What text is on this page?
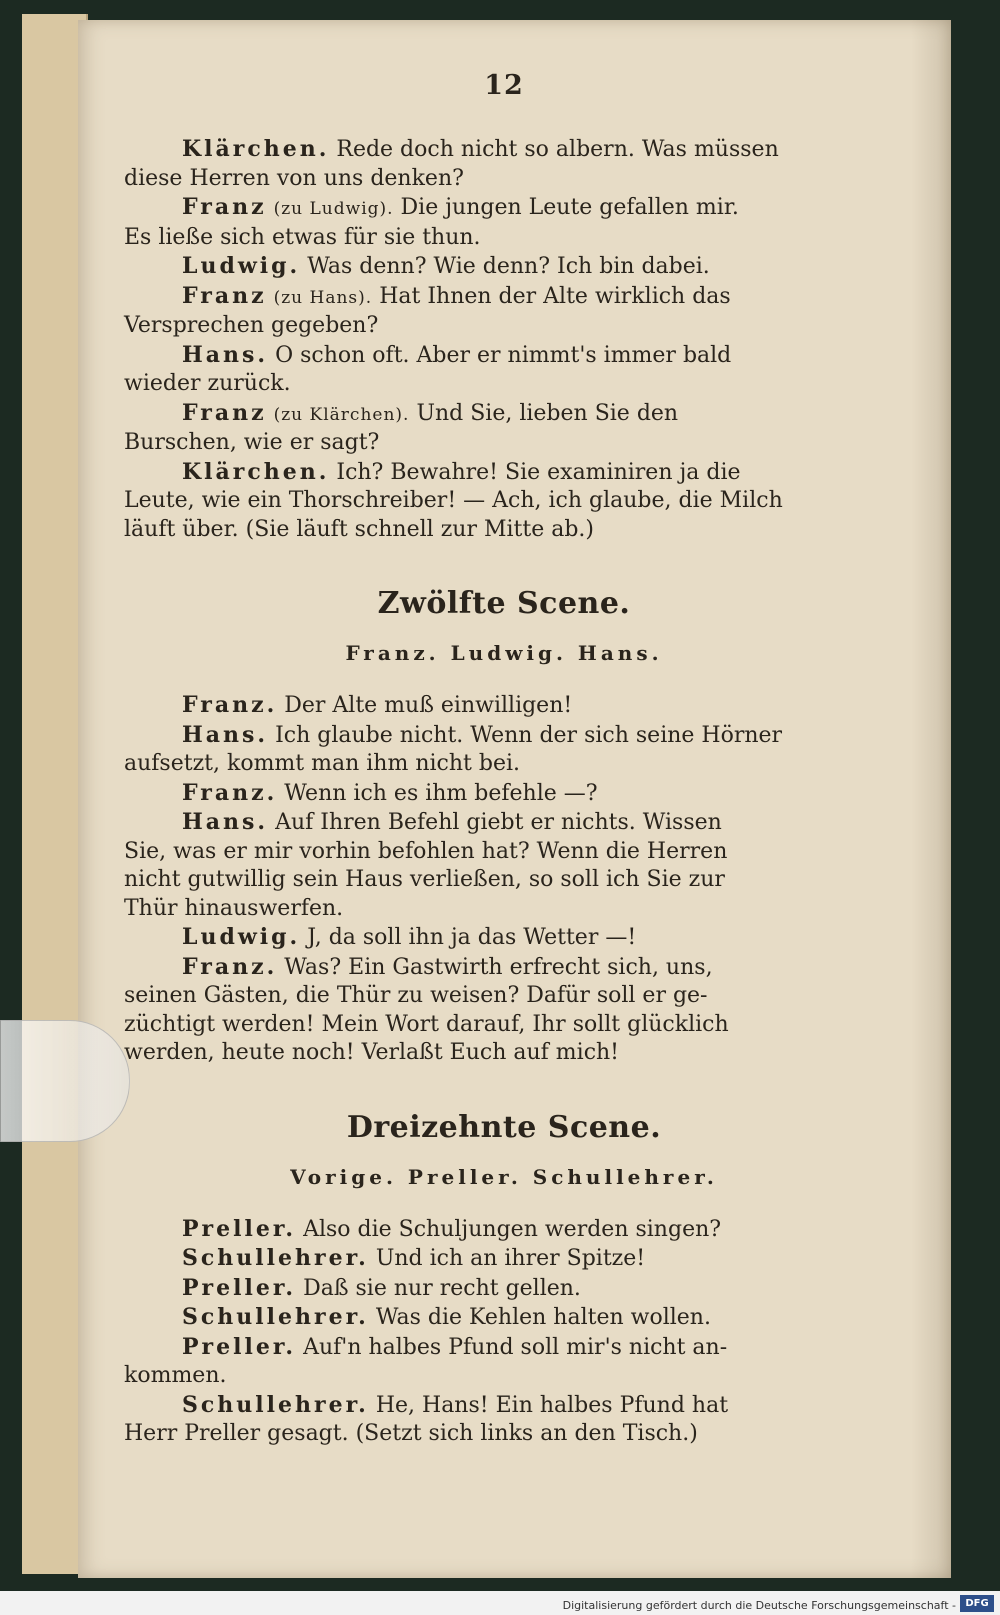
12

Klärchen. Rede doch nicht so albern. Was müssen

diese Herren von uns denken?

Franz (zu Ludwig). Die jungen Leute gefallen mir.

Es ließe sich etwas für sie thun.

Ludwig. Was denn? Wie denn? Ich bin dabei.

Franz (zu Hans). Hat Ihnen der Alte wirklich das

Versprechen gegeben?

Hans. O schon oft. Aber er nimmt's immer bald

wieder zurück.

Franz (zu Klärchen). Und Sie, lieben Sie den

Burschen, wie er sagt?

Klärchen. Ich? Bewahre! Sie examiniren ja die

Leute, wie ein Thorschreiber! — Ach, ich glaube, die Milch

läuft über. (Sie läuft schnell zur Mitte ab.)

Zwölfte Scene.
Franz. Ludwig. Hans.

Franz. Der Alte muß einwilligen!

Hans. Ich glaube nicht. Wenn der sich seine Hörner

aufsetzt, kommt man ihm nicht bei.

Franz. Wenn ich es ihm befehle —?

Hans. Auf Ihren Befehl giebt er nichts. Wissen

Sie, was er mir vorhin befohlen hat? Wenn die Herren

nicht gutwillig sein Haus verließen, so soll ich Sie zur

Thür hinauswerfen.

Ludwig. J, da soll ihn ja das Wetter —!

Franz. Was? Ein Gastwirth erfrecht sich, uns,

seinen Gästen, die Thür zu weisen? Dafür soll er ge-

züchtigt werden! Mein Wort darauf, Ihr sollt glücklich

werden, heute noch! Verlaßt Euch auf mich!

Dreizehnte Scene.
Vorige. Preller. Schullehrer.

Preller. Also die Schuljungen werden singen?

Schullehrer. Und ich an ihrer Spitze!

Preller. Daß sie nur recht gellen.

Schullehrer. Was die Kehlen halten wollen.

Preller. Auf'n halbes Pfund soll mir's nicht an-

kommen.

Schullehrer. He, Hans! Ein halbes Pfund hat

Herr Preller gesagt. (Setzt sich links an den Tisch.)

Digitalisierung gefördert durch die Deutsche Forschungsgemeinschaft - DFG
